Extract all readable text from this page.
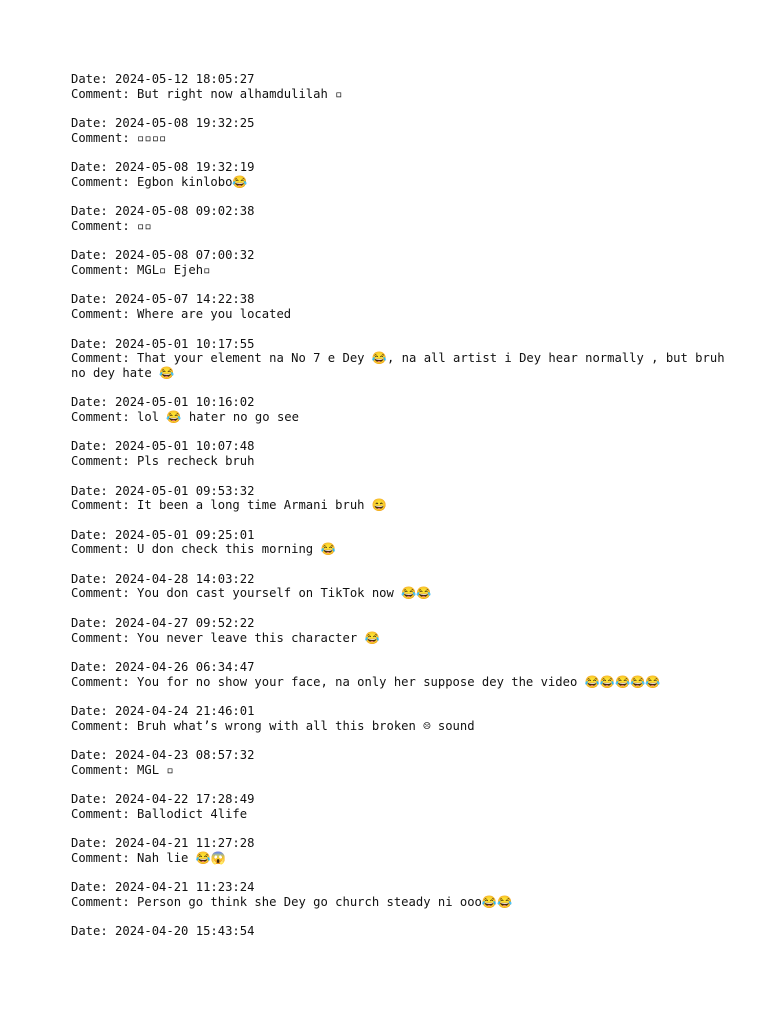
Date: 2024-05-12 18:05:27
Comment: But right now alhamdulilah ▫
Date: 2024-05-08 19:32:25
Comment: ▫▫▫▫
Date: 2024-05-08 19:32:19
Comment: Egbon kinlobo😂
Date: 2024-05-08 09:02:38
Comment: ▫▫
Date: 2024-05-08 07:00:32
Comment: MGL▫ Ejeh▫
Date: 2024-05-07 14:22:38
Comment: Where are you located
Date: 2024-05-01 10:17:55
Comment: That your element na No 7 e Dey 😂, na all artist i Dey hear normally , but bruh no dey hate 😂
Date: 2024-05-01 10:16:02
Comment: lol 😂 hater no go see
Date: 2024-05-01 10:07:48
Comment: Pls recheck bruh
Date: 2024-05-01 09:53:32
Comment: It been a long time Armani bruh 😄
Date: 2024-05-01 09:25:01
Comment: U don check this morning 😂
Date: 2024-04-28 14:03:22
Comment: You don cast yourself on TikTok now 😂😂
Date: 2024-04-27 09:52:22
Comment: You never leave this character 😂
Date: 2024-04-26 06:34:47
Comment: You for no show your face, na only her suppose dey the video 😂😂😂😂😂
Date: 2024-04-24 21:46:01
Comment: Bruh what’s wrong with all this broken ☹ sound
Date: 2024-04-23 08:57:32
Comment: MGL ▫
Date: 2024-04-22 17:28:49
Comment: Ballodict 4life
Date: 2024-04-21 11:27:28
Comment: Nah lie 😂😱
Date: 2024-04-21 11:23:24
Comment: Person go think she Dey go church steady ni ooo😂😂
Date: 2024-04-20 15:43:54
